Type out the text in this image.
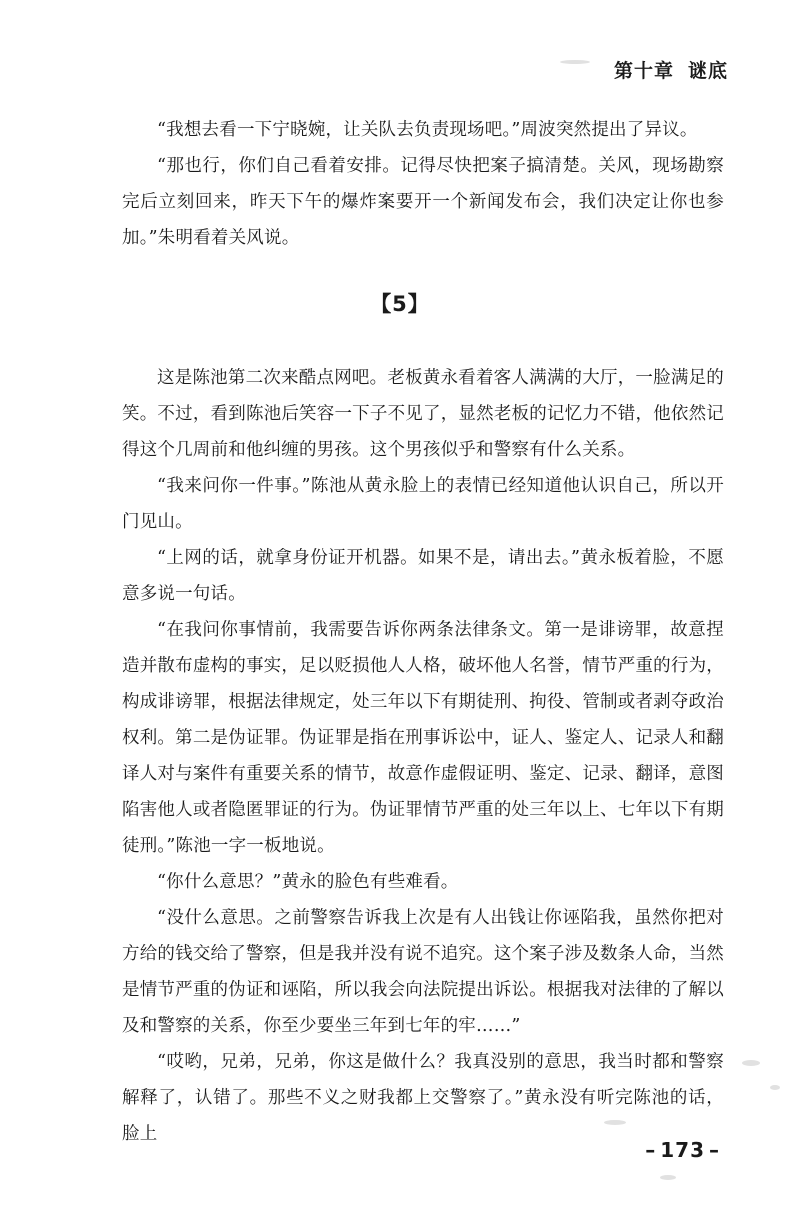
第十章 谜底

“我想去看一下宁晓婉，让关队去负责现场吧。”周波突然提出了异议。

“那也行，你们自己看着安排。记得尽快把案子搞清楚。关风，现场勘察完后立刻回来，昨天下午的爆炸案要开一个新闻发布会，我们决定让你也参加。”朱明看着关风说。

【5】

这是陈池第二次来酷点网吧。老板黄永看着客人满满的大厅，一脸满足的笑。不过，看到陈池后笑容一下子不见了，显然老板的记忆力不错，他依然记得这个几周前和他纠缠的男孩。这个男孩似乎和警察有什么关系。

“我来问你一件事。”陈池从黄永脸上的表情已经知道他认识自己，所以开门见山。

“上网的话，就拿身份证开机器。如果不是，请出去。”黄永板着脸，不愿意多说一句话。

“在我问你事情前，我需要告诉你两条法律条文。第一是诽谤罪，故意捏造并散布虚构的事实，足以贬损他人人格，破坏他人名誉，情节严重的行为，构成诽谤罪，根据法律规定，处三年以下有期徒刑、拘役、管制或者剥夺政治权利。第二是伪证罪。伪证罪是指在刑事诉讼中，证人、鉴定人、记录人和翻译人对与案件有重要关系的情节，故意作虚假证明、鉴定、记录、翻译，意图陷害他人或者隐匿罪证的行为。伪证罪情节严重的处三年以上、七年以下有期徒刑。”陈池一字一板地说。

“你什么意思？”黄永的脸色有些难看。

“没什么意思。之前警察告诉我上次是有人出钱让你诬陷我，虽然你把对方给的钱交给了警察，但是我并没有说不追究。这个案子涉及数条人命，当然是情节严重的伪证和诬陷，所以我会向法院提出诉讼。根据我对法律的了解以及和警察的关系，你至少要坐三年到七年的牢……”

“哎哟，兄弟，兄弟，你这是做什么？我真没别的意思，我当时都和警察解释了，认错了。那些不义之财我都上交警察了。”黄永没有听完陈池的话，脸上

– 173 –
